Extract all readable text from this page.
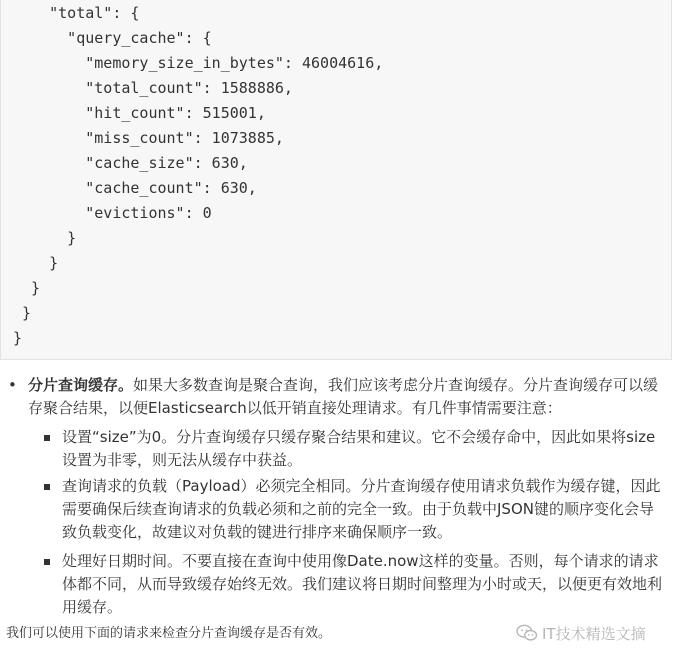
"total": {
"query_cache": {
"memory_size_in_bytes": 46004616,
"total_count": 1588886,
"hit_count": 515001,
"miss_count": 1073885,
"cache_size": 630,
"cache_count": 630,
"evictions": 0
}
}
}
}
}
• 分片查询缓存。如果大多数查询是聚合查询，我们应该考虑分片查询缓存。分片查询缓存可以缓存聚合结果，以便Elasticsearch以低开销直接处理请求。有几件事情需要注意：
设置“size”为0。分片查询缓存只缓存聚合结果和建议。它不会缓存命中，因此如果将size设置为非零，则无法从缓存中获益。
查询请求的负载（Payload）必须完全相同。分片查询缓存使用请求负载作为缓存键，因此需要确保后续查询请求的负载必须和之前的完全一致。由于负载中JSON键的顺序变化会导致负载变化，故建议对负载的键进行排序来确保顺序一致。
处理好日期时间。不要直接在查询中使用像Date.now这样的变量。否则，每个请求的请求体都不同，从而导致缓存始终无效。我们建议将日期时间整理为小时或天，以便更有效地利用缓存。
我们可以使用下面的请求来检查分片查询缓存是否有效。	IT技术精选文摘
